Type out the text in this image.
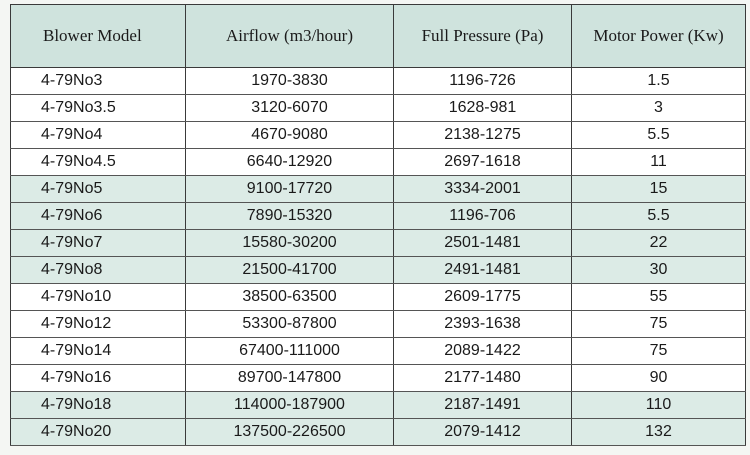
Blower Model	Airflow (m3/hour)	Full Pressure (Pa)	Motor Power (Kw)
4-79No3	1970-3830	1196-726	1.5
4-79No3.5	3120-6070	1628-981	3
4-79No4	4670-9080	2138-1275	5.5
4-79No4.5	6640-12920	2697-1618	11
4-79No5	9100-17720	3334-2001	15
4-79No6	7890-15320	1196-706	5.5
4-79No7	15580-30200	2501-1481	22
4-79No8	21500-41700	2491-1481	30
4-79No10	38500-63500	2609-1775	55
4-79No12	53300-87800	2393-1638	75
4-79No14	67400-111000	2089-1422	75
4-79No16	89700-147800	2177-1480	90
4-79No18	114000-187900	2187-1491	110
4-79No20	137500-226500	2079-1412	132
